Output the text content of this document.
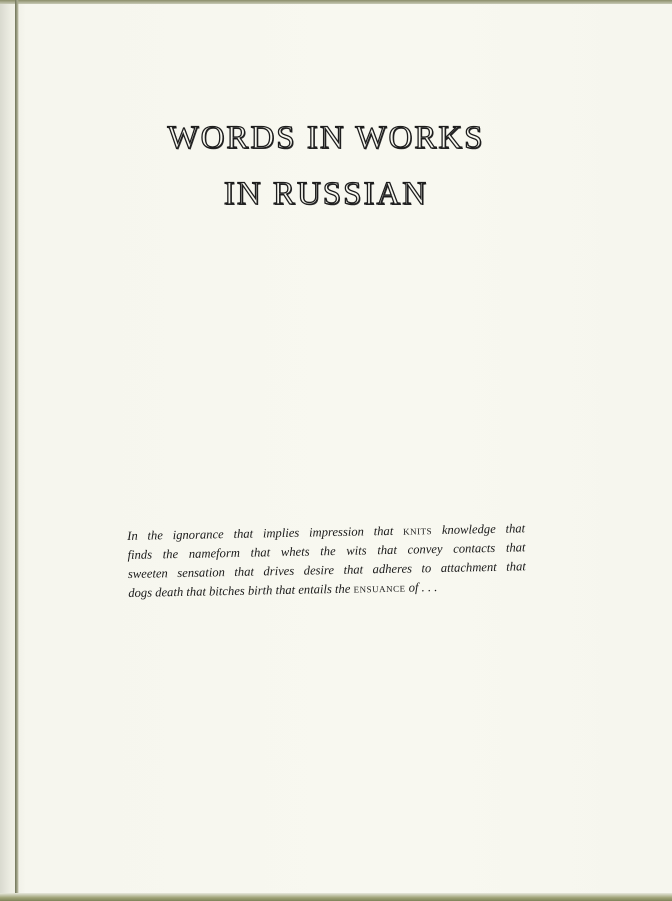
WORDS IN WORKS
IN RUSSIAN

In the ignorance that implies impression that knits knowledge that
finds the nameform that whets the wits that convey contacts that
sweeten sensation that drives desire that adheres to attachment that
dogs death that bitches birth that entails the ensuance of . . .
